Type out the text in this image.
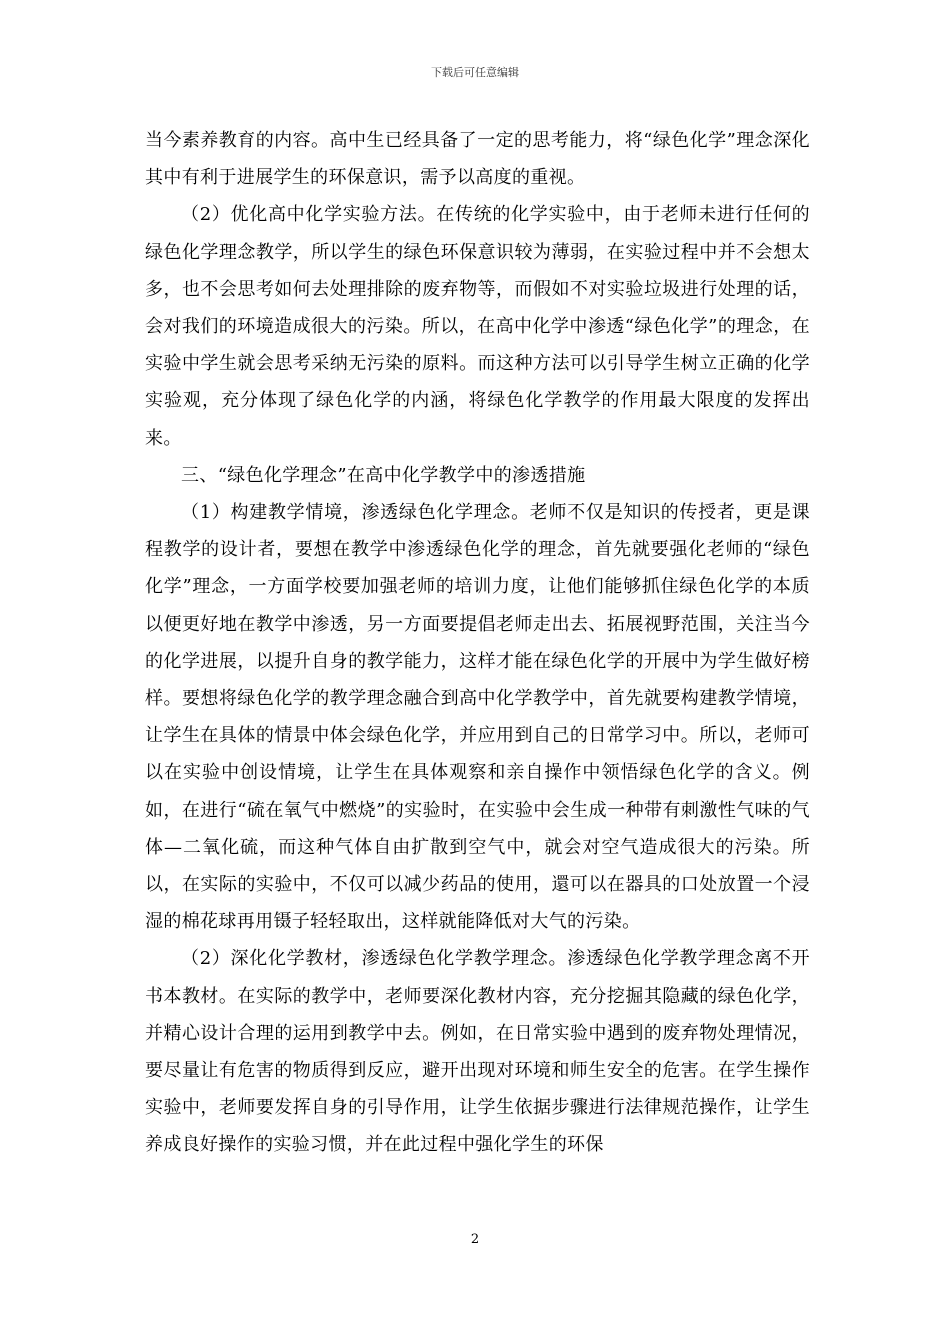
下载后可任意编辑

当今素养教育的内容。高中生已经具备了一定的思考能力，将“绿色化学”理念深化其中有利于进展学生的环保意识，需予以高度的重视。

（2）优化高中化学实验方法。在传统的化学实验中，由于老师未进行任何的绿色化学理念教学，所以学生的绿色环保意识较为薄弱，在实验过程中并不会想太多，也不会思考如何去处理排除的废弃物等，而假如不对实验垃圾进行处理的话，会对我们的环境造成很大的污染。所以，在高中化学中渗透“绿色化学”的理念，在实验中学生就会思考采纳无污染的原料。而这种方法可以引导学生树立正确的化学实验观，充分体现了绿色化学的内涵，将绿色化学教学的作用最大限度的发挥出来。

三、“绿色化学理念”在高中化学教学中的渗透措施

（1）构建教学情境，渗透绿色化学理念。老师不仅是知识的传授者，更是课程教学的设计者，要想在教学中渗透绿色化学的理念，首先就要强化老师的“绿色化学”理念，一方面学校要加强老师的培训力度，让他们能够抓住绿色化学的本质以便更好地在教学中渗透，另一方面要提倡老师走出去、拓展视野范围，关注当今的化学进展，以提升自身的教学能力，这样才能在绿色化学的开展中为学生做好榜样。要想将绿色化学的教学理念融合到高中化学教学中，首先就要构建教学情境，让学生在具体的情景中体会绿色化学，并应用到自己的日常学习中。所以，老师可以在实验中创设情境，让学生在具体观察和亲自操作中领悟绿色化学的含义。例如，在进行“硫在氧气中燃烧”的实验时，在实验中会生成一种带有刺激性气味的气体—二氧化硫，而这种气体自由扩散到空气中，就会对空气造成很大的污染。所以，在实际的实验中，不仅可以减少药品的使用，還可以在器具的口处放置一个浸湿的棉花球再用镊子轻轻取出，这样就能降低对大气的污染。

（2）深化化学教材，渗透绿色化学教学理念。渗透绿色化学教学理念离不开书本教材。在实际的教学中，老师要深化教材内容，充分挖掘其隐藏的绿色化学，并精心设计合理的运用到教学中去。例如，在日常实验中遇到的废弃物处理情况，要尽量让有危害的物质得到反应，避开出现对环境和师生安全的危害。在学生操作实验中，老师要发挥自身的引导作用，让学生依据步骤进行法律规范操作，让学生养成良好操作的实验习惯，并在此过程中强化学生的环保

2
